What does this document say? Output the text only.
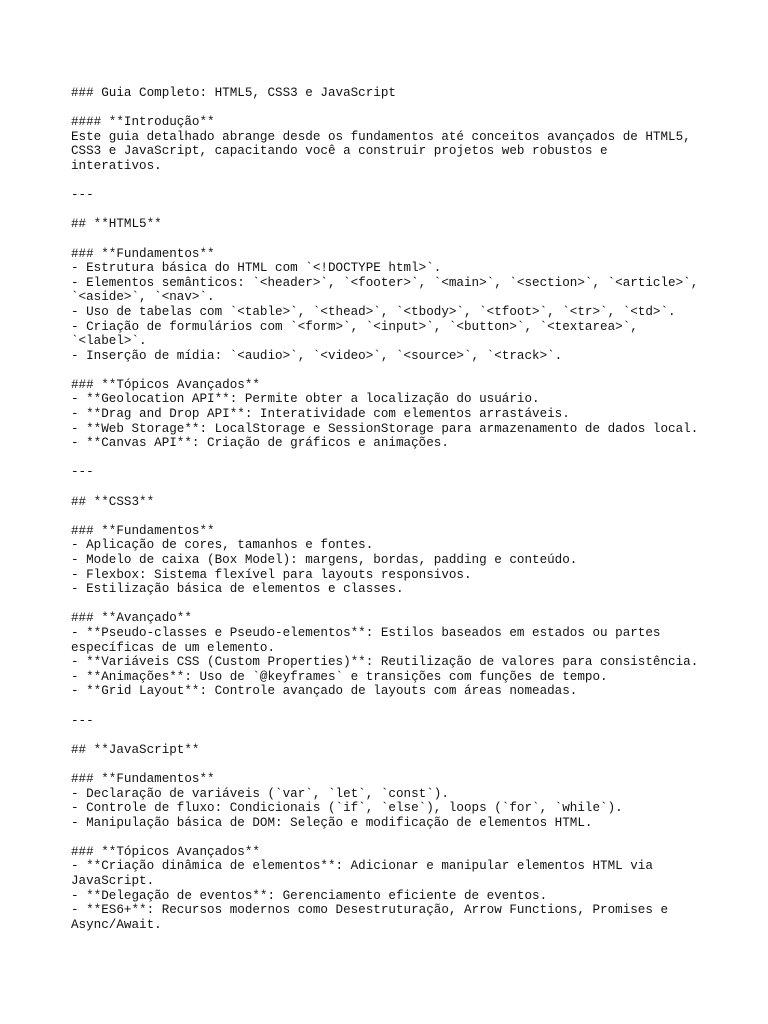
### Guia Completo: HTML5, CSS3 e JavaScript
#### **Introdução**
Este guia detalhado abrange desde os fundamentos até conceitos avançados de HTML5,
CSS3 e JavaScript, capacitando você a construir projetos web robustos e
interativos.
---
## **HTML5**
### **Fundamentos**
- Estrutura básica do HTML com `<!DOCTYPE html>`.
- Elementos semânticos: `<header>`, `<footer>`, `<main>`, `<section>`, `<article>`,
`<aside>`, `<nav>`.
- Uso de tabelas com `<table>`, `<thead>`, `<tbody>`, `<tfoot>`, `<tr>`, `<td>`.
- Criação de formulários com `<form>`, `<input>`, `<button>`, `<textarea>`,
`<label>`.
- Inserção de mídia: `<audio>`, `<video>`, `<source>`, `<track>`.
### **Tópicos Avançados**
- **Geolocation API**: Permite obter a localização do usuário.
- **Drag and Drop API**: Interatividade com elementos arrastáveis.
- **Web Storage**: LocalStorage e SessionStorage para armazenamento de dados local.
- **Canvas API**: Criação de gráficos e animações.
---
## **CSS3**
### **Fundamentos**
- Aplicação de cores, tamanhos e fontes.
- Modelo de caixa (Box Model): margens, bordas, padding e conteúdo.
- Flexbox: Sistema flexível para layouts responsivos.
- Estilização básica de elementos e classes.
### **Avançado**
- **Pseudo-classes e Pseudo-elementos**: Estilos baseados em estados ou partes
específicas de um elemento.
- **Variáveis CSS (Custom Properties)**: Reutilização de valores para consistência.
- **Animações**: Uso de `@keyframes` e transições com funções de tempo.
- **Grid Layout**: Controle avançado de layouts com áreas nomeadas.
---
## **JavaScript**
### **Fundamentos**
- Declaração de variáveis (`var`, `let`, `const`).
- Controle de fluxo: Condicionais (`if`, `else`), loops (`for`, `while`).
- Manipulação básica de DOM: Seleção e modificação de elementos HTML.
### **Tópicos Avançados**
- **Criação dinâmica de elementos**: Adicionar e manipular elementos HTML via
JavaScript.
- **Delegação de eventos**: Gerenciamento eficiente de eventos.
- **ES6+**: Recursos modernos como Desestruturação, Arrow Functions, Promises e
Async/Await.
